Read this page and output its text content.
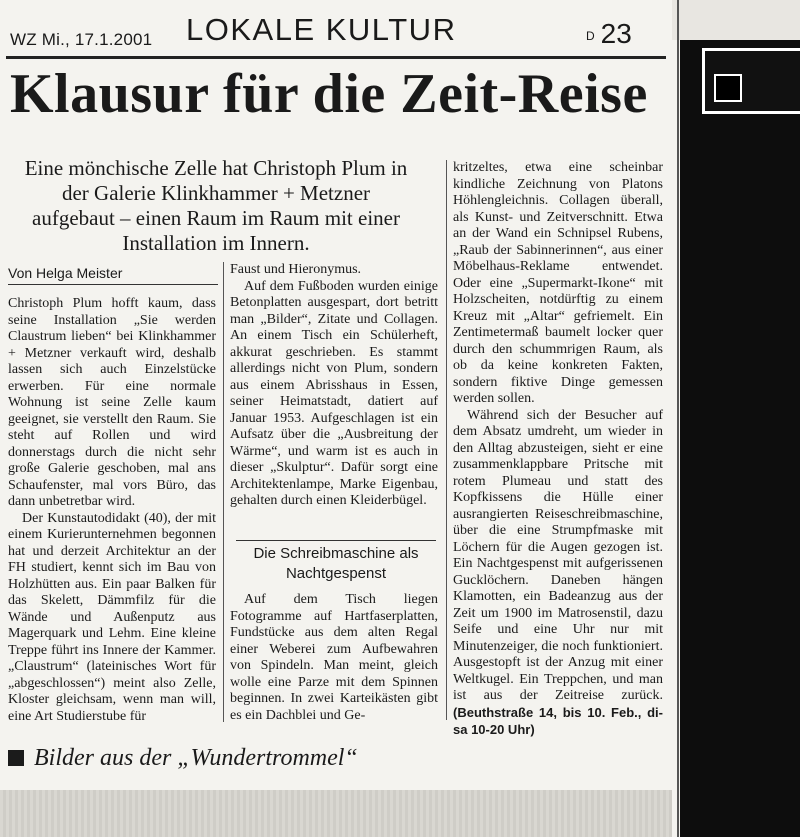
WZ Mi., 17.1.2001 LOKALE KULTUR	D 23
Klausur für die Zeit-Reise
Eine mönchische Zelle hat Christoph Plum in der Galerie Klinkhammer + Metzner aufgebaut – einen Raum im Raum mit einer Installation im Innern.
Von Helga Meister

Christoph Plum hofft kaum, dass seine Installation „Sie werden Claustrum lieben“ bei Klinkhammer + Metzner verkauft wird, deshalb lassen sich auch Einzelstücke erwerben. Für eine normale Wohnung ist seine Zelle kaum geeignet, sie verstellt den Raum. Sie steht auf Rollen und wird donnerstags durch die nicht sehr große Galerie geschoben, mal ans Schaufenster, mal vors Büro, das dann unbetretbar wird.

Der Kunstautodidakt (40), der mit einem Kurierunternehmen begonnen hat und derzeit Architektur an der FH studiert, kennt sich im Bau von Holzhütten aus. Ein paar Balken für das Skelett, Dämmfilz für die Wände und Außenputz aus Magerquark und Lehm. Eine kleine Treppe führt ins Innere der Kammer. „Claustrum“ (lateinisches Wort für „abgeschlossen“) meint also Zelle, Kloster gleichsam, wenn man will, eine Art Studierstube für

Faust und Hieronymus.

Auf dem Fußboden wurden einige Betonplatten ausgespart, dort betritt man „Bilder“, Zitate und Collagen. An einem Tisch ein Schülerheft, akkurat geschrieben. Es stammt allerdings nicht von Plum, sondern aus einem Abrisshaus in Essen, seiner Heimatstadt, datiert auf Januar 1953. Aufgeschlagen ist ein Aufsatz über die „Ausbreitung der Wärme“, und warm ist es auch in dieser „Skulptur“. Dafür sorgt eine Architektenlampe, Marke Eigenbau, gehalten durch einen Kleiderbügel.

Die Schreibmaschine als Nachtgespenst

Auf dem Tisch liegen Fotogramme auf Hartfaserplatten, Fundstücke aus dem alten Regal einer Weberei zum Aufbewahren von Spindeln. Man meint, gleich wolle eine Parze mit dem Spinnen beginnen. In zwei Karteikästen gibt es ein Dachblei und Ge-

kritzeltes, etwa eine scheinbar kindliche Zeichnung von Platons Höhlengleichnis. Collagen überall, als Kunst- und Zeitverschnitt. Etwa an der Wand ein Schnipsel Rubens, „Raub der Sabinnerinnen“, aus einer Möbelhaus-Reklame entwendet. Oder eine „Supermarkt-Ikone“ mit Holzscheiten, notdürftig zu einem Kreuz mit „Altar“ gefriemelt. Ein Zentimetermaß baumelt locker quer durch den schummrigen Raum, als ob da keine konkreten Fakten, sondern fiktive Dinge gemessen werden sollen.

Während sich der Besucher auf dem Absatz umdreht, um wieder in den Alltag abzusteigen, sieht er eine zusammenklappbare Pritsche mit rotem Plumeau und statt des Kopfkissens die Hülle einer ausrangierten Reiseschreibmaschine, über die eine Strumpfmaske mit Löchern für die Augen gezogen ist. Ein Nachtgespenst mit aufgerissenen Gucklöchern. Daneben hängen Klamotten, ein Badeanzug aus der Zeit um 1900 im Matrosenstil, dazu Seife und eine Uhr nur mit Minutenzeiger, die noch funktioniert. Ausgestopft ist der Anzug mit einer Weltkugel. Ein Treppchen, und man ist aus der Zeitreise zurück. (Beuthstraße 14, bis 10. Feb., di-sa 10-20 Uhr)

Bilder aus der „Wundertrommel“
